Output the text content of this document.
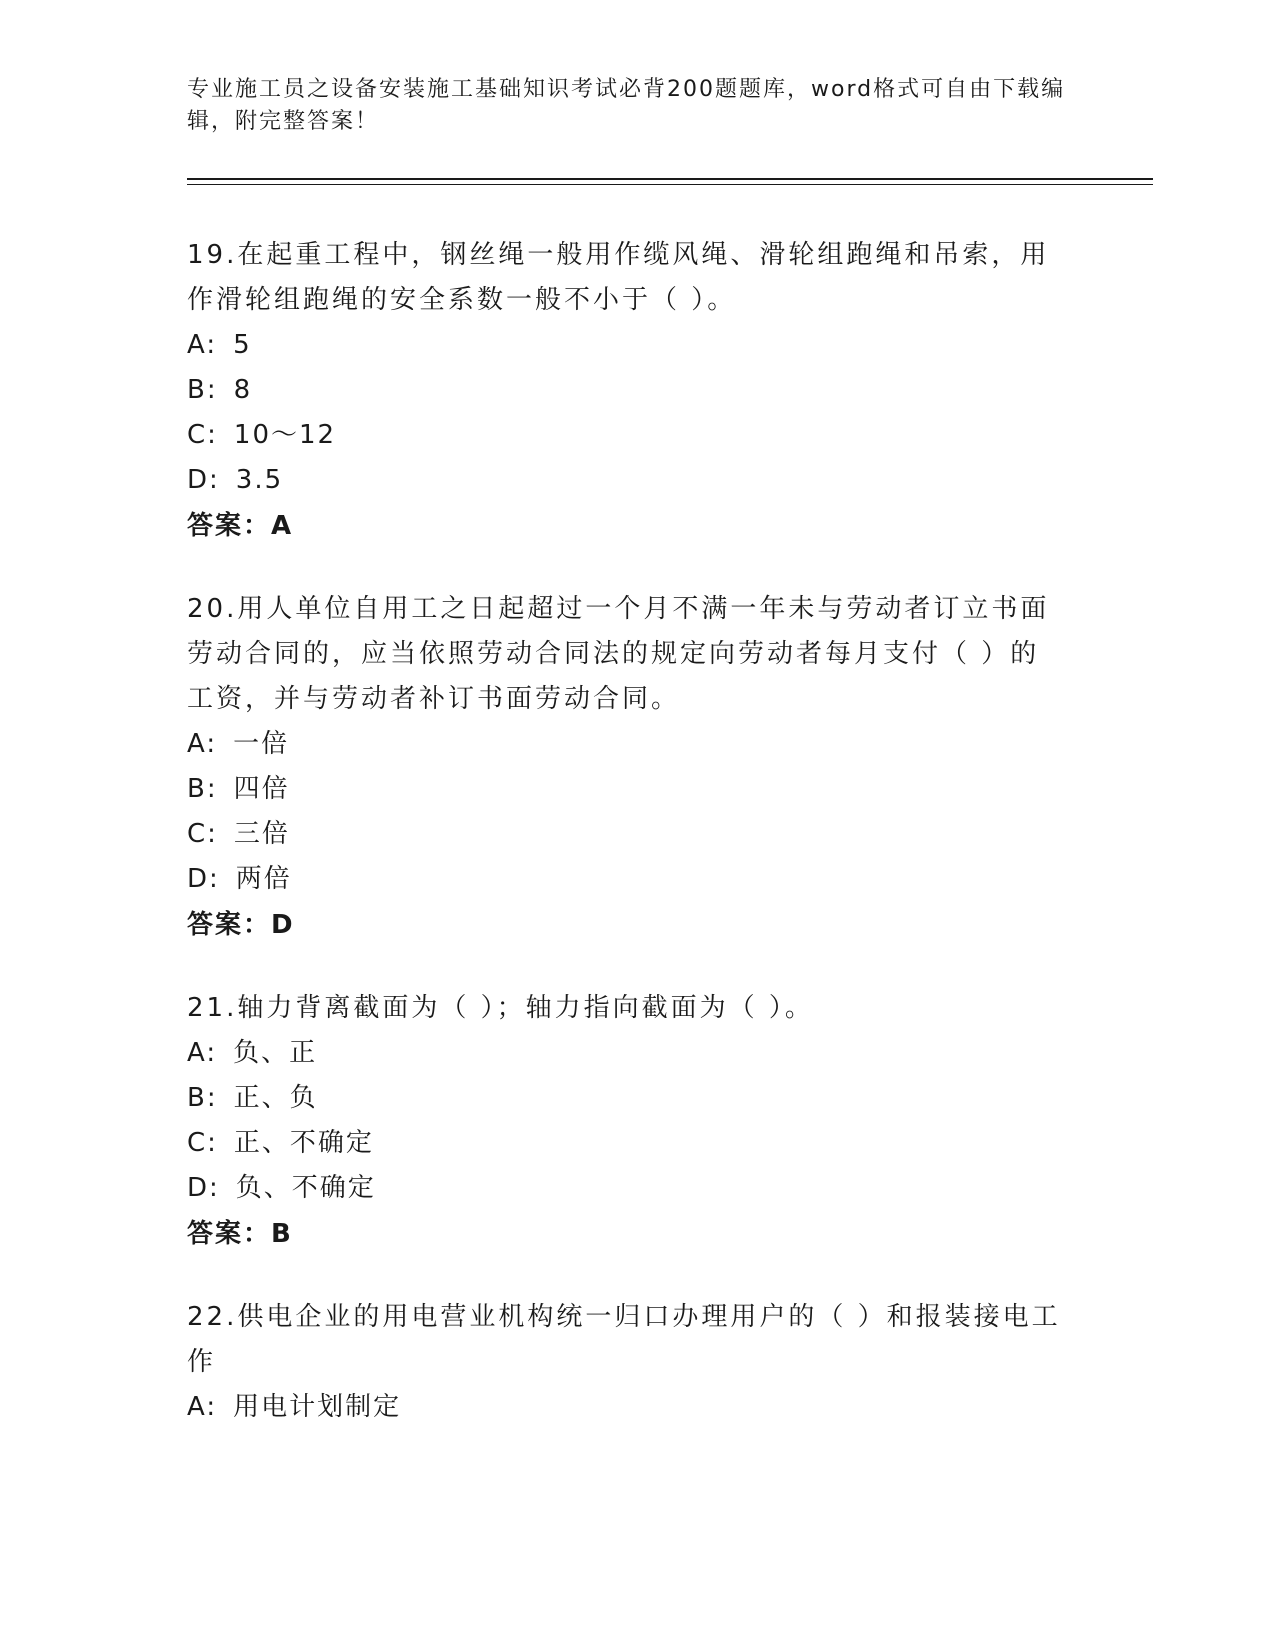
专业施工员之设备安装施工基础知识考试必背200题题库，word格式可自由下载编辑，附完整答案！

19.在起重工程中，钢丝绳一般用作缆风绳、滑轮组跑绳和吊索，用作滑轮组跑绳的安全系数一般不小于（ ）。

A: 5

B: 8

C: 10～12

D: 3.5

答案：A

20.用人单位自用工之日起超过一个月不满一年未与劳动者订立书面劳动合同的，应当依照劳动合同法的规定向劳动者每月支付（ ）的工资，并与劳动者补订书面劳动合同。

A: 一倍

B: 四倍

C: 三倍

D: 两倍

答案：D

21.轴力背离截面为（ ）；轴力指向截面为（ ）。

A: 负、正

B: 正、负

C: 正、不确定

D: 负、不确定

答案：B

22.供电企业的用电营业机构统一归口办理用户的（ ）和报装接电工作

A: 用电计划制定
